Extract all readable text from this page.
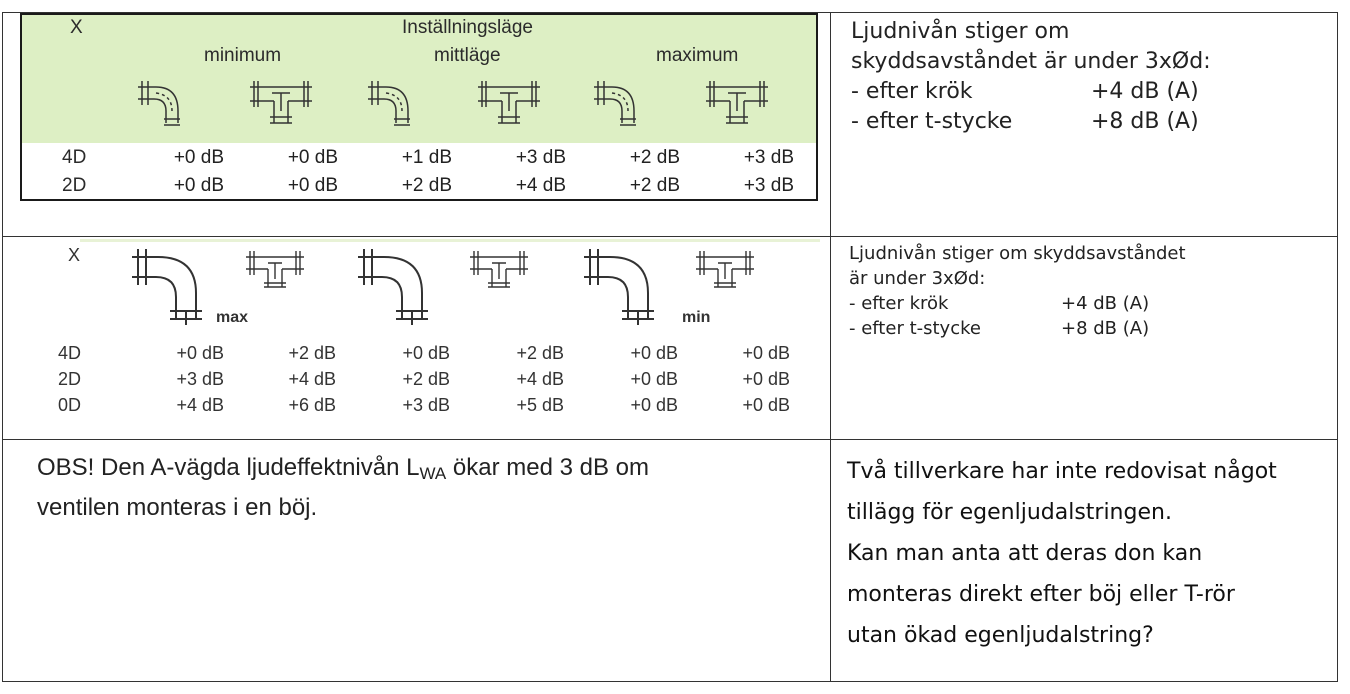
X	Inställningsläge
minimum	mittläge	maximum
4D	+0 dB	+0 dB	+1 dB	+3 dB	+2 dB	+3 dB
2D	+0 dB	+0 dB	+2 dB	+4 dB	+2 dB	+3 dB
Ljudnivån stiger om
skyddsavståndet är under 3xØd:
- efter krök	+4 dB (A)
- efter t-stycke	+8 dB (A)
X
max	min
4D	+0 dB	+2 dB	+0 dB	+2 dB	+0 dB	+0 dB
2D	+3 dB	+4 dB	+2 dB	+4 dB	+0 dB	+0 dB
0D	+4 dB	+6 dB	+3 dB	+5 dB	+0 dB	+0 dB
Ljudnivån stiger om skyddsavståndet
är under 3xØd:
- efter krök	+4 dB (A)
- efter t-stycke	+8 dB (A)
OBS! Den A-vägda ljudeffektnivån $L_{WA}$ ökar med 3 dB om
ventilen monteras i en böj.
Två tillverkare har inte redovisat något
tillägg för egenljudalstringen.
Kan man anta att deras don kan
monteras direkt efter böj eller T-rör
utan ökad egenljudalstring?
